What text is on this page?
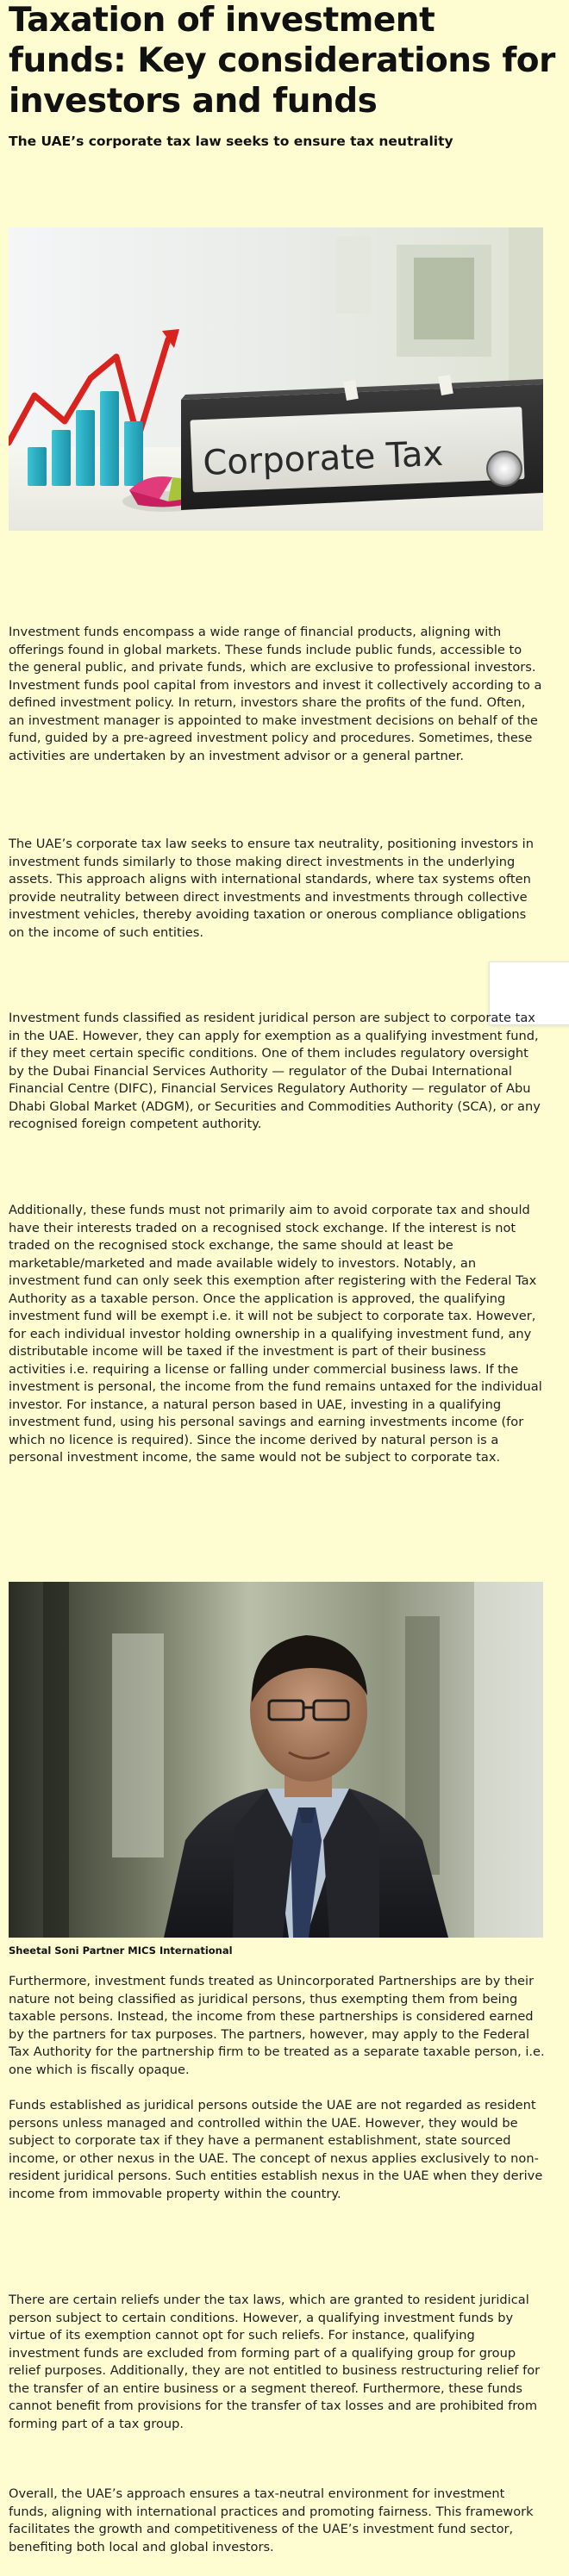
Taxation of investment funds: Key considerations for investors and funds

The UAE’s corporate tax law seeks to ensure tax neutrality

Corporate Tax

Investment funds encompass a wide range of financial products, aligning with offerings found in global markets. These funds include public funds, accessible to the general public, and private funds, which are exclusive to professional investors. Investment funds pool capital from investors and invest it collectively according to a defined investment policy. In return, investors share the profits of the fund. Often, an investment manager is appointed to make investment decisions on behalf of the fund, guided by a pre-agreed investment policy and procedures. Sometimes, these activities are undertaken by an investment advisor or a general partner.

The UAE’s corporate tax law seeks to ensure tax neutrality, positioning investors in investment funds similarly to those making direct investments in the underlying assets. This approach aligns with international standards, where tax systems often provide neutrality between direct investments and investments through collective investment vehicles, thereby avoiding taxation or onerous compliance obligations on the income of such entities.

Investment funds classified as resident juridical person are subject to corporate tax in the UAE. However, they can apply for exemption as a qualifying investment fund, if they meet certain specific conditions. One of them includes regulatory oversight by the Dubai Financial Services Authority — regulator of the Dubai International Financial Centre (DIFC), Financial Services Regulatory Authority — regulator of Abu Dhabi Global Market (ADGM), or Securities and Commodities Authority (SCA), or any recognised foreign competent authority.

Additionally, these funds must not primarily aim to avoid corporate tax and should have their interests traded on a recognised stock exchange. If the interest is not traded on the recognised stock exchange, the same should at least be marketable/marketed and made available widely to investors. Notably, an investment fund can only seek this exemption after registering with the Federal Tax Authority as a taxable person. Once the application is approved, the qualifying investment fund will be exempt i.e. it will not be subject to corporate tax. However, for each individual investor holding ownership in a qualifying investment fund, any distributable income will be taxed if the investment is part of their business activities i.e. requiring a license or falling under commercial business laws. If the investment is personal, the income from the fund remains untaxed for the individual investor. For instance, a natural person based in UAE, investing in a qualifying investment fund, using his personal savings and earning investments income (for which no licence is required). Since the income derived by natural person is a personal investment income, the same would not be subject to corporate tax.

Sheetal Soni Partner MICS International

Furthermore, investment funds treated as Unincorporated Partnerships are by their nature not being classified as juridical persons, thus exempting them from being taxable persons. Instead, the income from these partnerships is considered earned by the partners for tax purposes. The partners, however, may apply to the Federal Tax Authority for the partnership firm to be treated as a separate taxable person, i.e. one which is fiscally opaque.

Funds established as juridical persons outside the UAE are not regarded as resident persons unless managed and controlled within the UAE. However, they would be subject to corporate tax if they have a permanent establishment, state sourced income, or other nexus in the UAE. The concept of nexus applies exclusively to non-resident juridical persons. Such entities establish nexus in the UAE when they derive income from immovable property within the country.

There are certain reliefs under the tax laws, which are granted to resident juridical person subject to certain conditions. However, a qualifying investment funds by virtue of its exemption cannot opt for such reliefs. For instance, qualifying investment funds are excluded from forming part of a qualifying group for group relief purposes. Additionally, they are not entitled to business restructuring relief for the transfer of an entire business or a segment thereof. Furthermore, these funds cannot benefit from provisions for the transfer of tax losses and are prohibited from forming part of a tax group.

Overall, the UAE’s approach ensures a tax-neutral environment for investment funds, aligning with international practices and promoting fairness. This framework facilitates the growth and competitiveness of the UAE’s investment fund sector, benefiting both local and global investors.
